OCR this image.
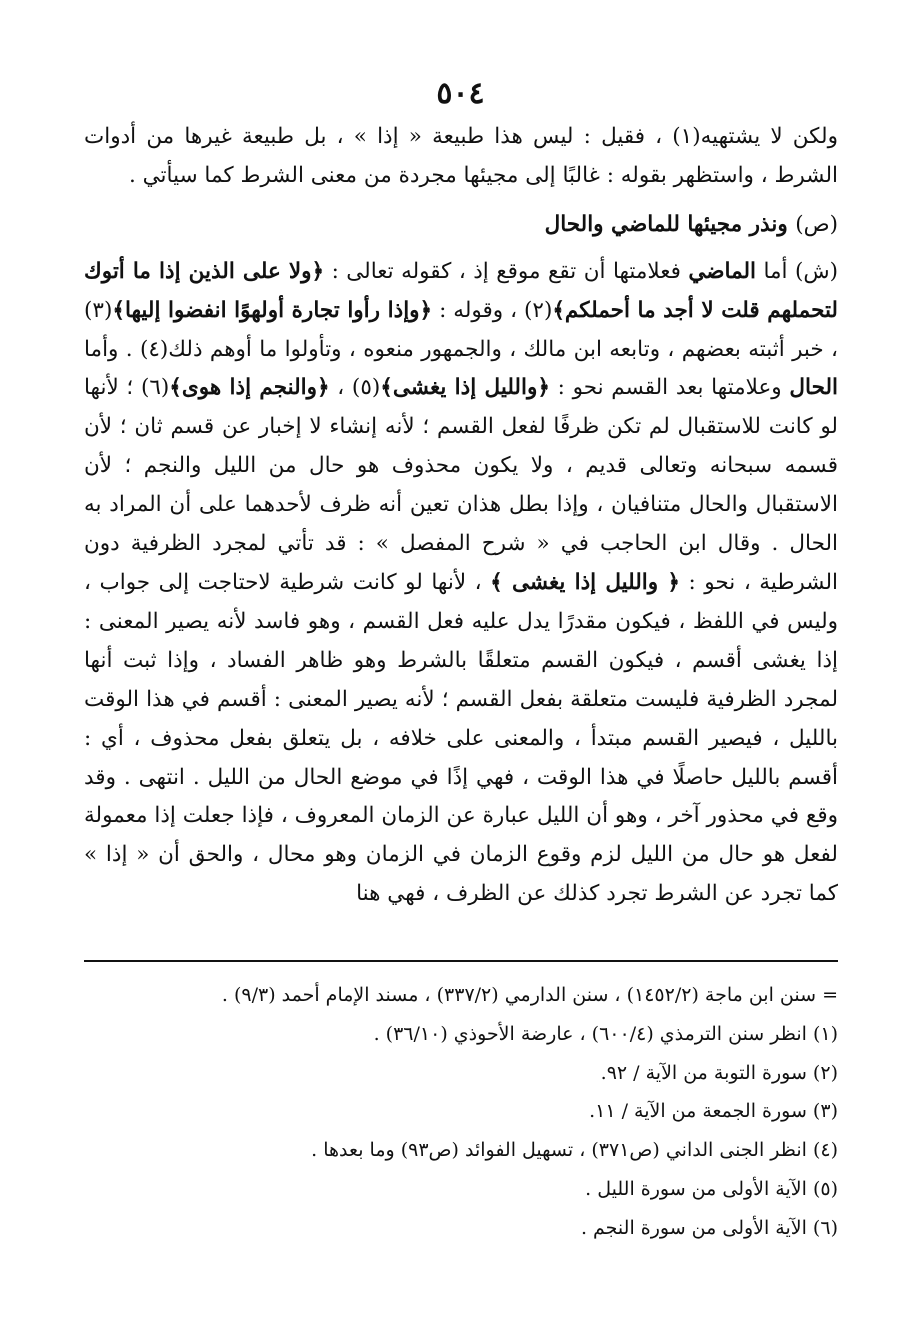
٥٠٤

ولكن لا يشتهيه(١) ، فقيل : ليس هذا طبيعة « إذا » ، بل طبيعة غيرها من أدوات الشرط ، واستظهر بقوله : غالبًا إلى مجيئها مجردة من معنى الشرط كما سيأتي .

(ص) ونذر مجيئها للماضي والحال

(ش) أما الماضي فعلامتها أن تقع موقع إذ ، كقوله تعالى : ﴿ولا على الذين إذا ما أتوك لتحملهم قلت لا أجد ما أحملكم﴾(٢) ، وقوله : ﴿وإذا رأوا تجارة أولهوًا انفضوا إليها﴾(٣) ، خبر أثبته بعضهم ، وتابعه ابن مالك ، والجمهور منعوه ، وتأولوا ما أوهم ذلك(٤) . وأما الحال وعلامتها بعد القسم نحو : ﴿والليل إذا يغشى﴾(٥) ، ﴿والنجم إذا هوى﴾(٦) ؛ لأنها لو كانت للاستقبال لم تكن ظرفًا لفعل القسم ؛ لأنه إنشاء لا إخبار عن قسم ثان ؛ لأن قسمه سبحانه وتعالى قديم ، ولا يكون محذوف هو حال من الليل والنجم ؛ لأن الاستقبال والحال متنافيان ، وإذا بطل هذان تعين أنه ظرف لأحدهما على أن المراد به الحال . وقال ابن الحاجب في « شرح المفصل » : قد تأتي لمجرد الظرفية دون الشرطية ، نحو : ﴿ والليل إذا يغشى ﴾ ، لأنها لو كانت شرطية لاحتاجت إلى جواب ، وليس في اللفظ ، فيكون مقدرًا يدل عليه فعل القسم ، وهو فاسد لأنه يصير المعنى : إذا يغشى أقسم ، فيكون القسم متعلقًا بالشرط وهو ظاهر الفساد ، وإذا ثبت أنها لمجرد الظرفية فليست متعلقة بفعل القسم ؛ لأنه يصير المعنى : أقسم في هذا الوقت بالليل ، فيصير القسم مبتدأ ، والمعنى على خلافه ، بل يتعلق بفعل محذوف ، أي : أقسم بالليل حاصلًا في هذا الوقت ، فهي إذًا في موضع الحال من الليل . انتهى . وقد وقع في محذور آخر ، وهو أن الليل عبارة عن الزمان المعروف ، فإذا جعلت إذا معمولة لفعل هو حال من الليل لزم وقوع الزمان في الزمان وهو محال ، والحق أن « إذا » كما تجرد عن الشرط تجرد كذلك عن الظرف ، فهي هنا

= سنن ابن ماجة (١٤٥٢/٢) ، سنن الدارمي (٣٣٧/٢) ، مسند الإمام أحمد (٩/٣) .
(١) انظر سنن الترمذي (٦٠٠/٤) ، عارضة الأحوذي (٣٦/١٠) .
(٢) سورة التوبة من الآية / ٩٢.
(٣) سورة الجمعة من الآية / ١١.
(٤) انظر الجنى الداني (ص٣٧١) ، تسهيل الفوائد (ص٩٣) وما بعدها .
(٥) الآية الأولى من سورة الليل .
(٦) الآية الأولى من سورة النجم .
